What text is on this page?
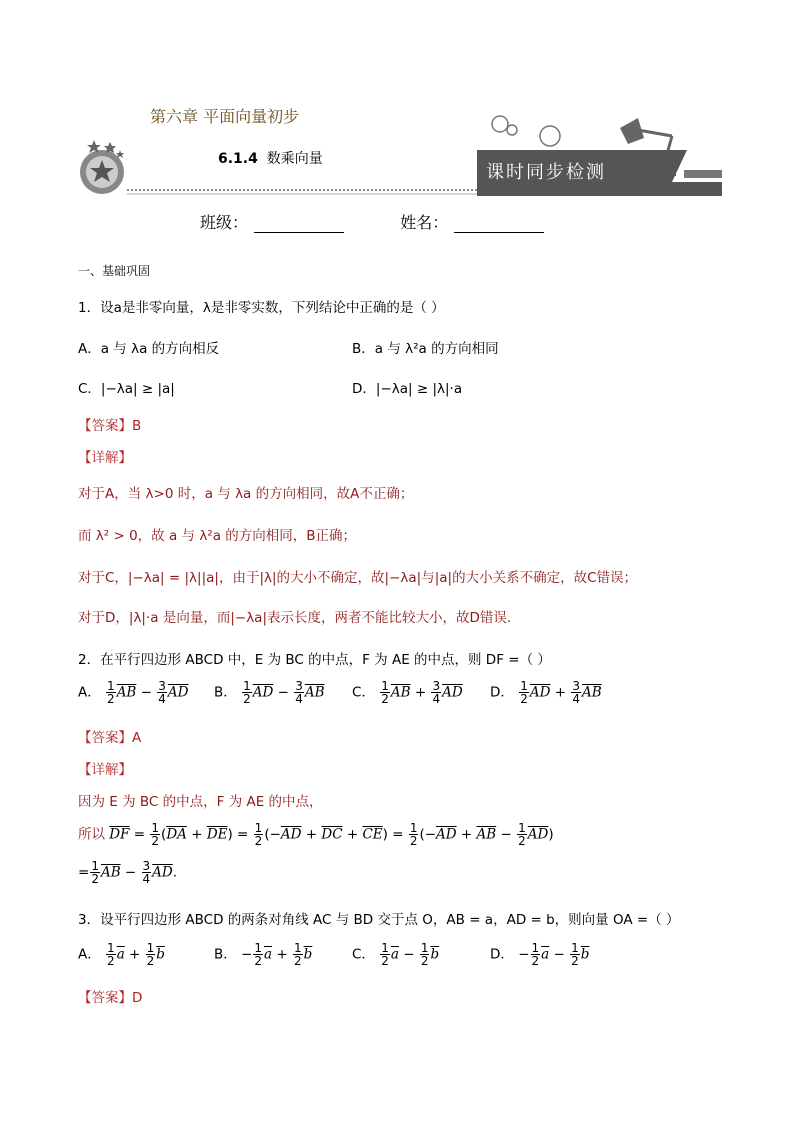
第六章 平面向量初步
课时同步检测
6.1.4 数乘向量
班级：	姓名：
一、基础巩固
1．设a是非零向量，λ是非零实数，下列结论中正确的是（ ）
A．a 与 λa 的方向相反	B．a 与 λ²a 的方向相同
C．|−λa| ≥ |a|	D．|−λa| ≥ |λ|·a
【答案】B
【详解】
对于A，当 λ>0 时，a 与 λa 的方向相同，故A不正确；
而 λ² > 0，故 a 与 λ²a 的方向相同，B正确；
对于C，|−λa| = |λ||a|，由于|λ|的大小不确定，故|−λa|与|a|的大小关系不确定，故C错误；
对于D，|λ|·a 是向量，而|−λa|表示长度，两者不能比较大小，故D错误.
2．在平行四边形 ABCD 中，E 为 BC 的中点，F 为 AE 的中点，则 DF =（ ）
A． $\frac{1}{2} \overline{AB} - \frac{3}{4} \overline{AD}$ B． $\frac{1}{2} \overline{AD} - \frac{3}{4} \overline{AB}$ C． $\frac{1}{2} \overline{AB} + \frac{3}{4} \overline{AD}$ D． $\frac{1}{2} \overline{AD} + \frac{3}{4} \overline{AB}$
【答案】A
【详解】
因为 E 为 BC 的中点，F 为 AE 的中点，
所以 $\overline{DF} = \frac{1}{2} (\overline{DA} + \overline{DE}) = \frac{1}{2} (-\overline{AD} + \overline{DC} + \overline{CE}) = \frac{1}{2} (-\overline{AD} + \overline{AB} - \frac{1}{2} \overline{AD})$
= $\frac{1}{2} \overline{AB} - \frac{3}{4} \overline{AD}$.
3．设平行四边形 ABCD 的两条对角线 AC 与 BD 交于点 O，AB = a，AD = b，则向量 OA =（ ）
A． $\frac{1}{2} \overline{a} + \frac{1}{2} \overline{b}$	B． − $\frac{1}{2} \overline{a} + \frac{1}{2} \overline{b}$	C． $\frac{1}{2} \overline{a} - \frac{1}{2} \overline{b}$	D． − $\frac{1}{2} \overline{a} - \frac{1}{2} \overline{b}$
【答案】D
